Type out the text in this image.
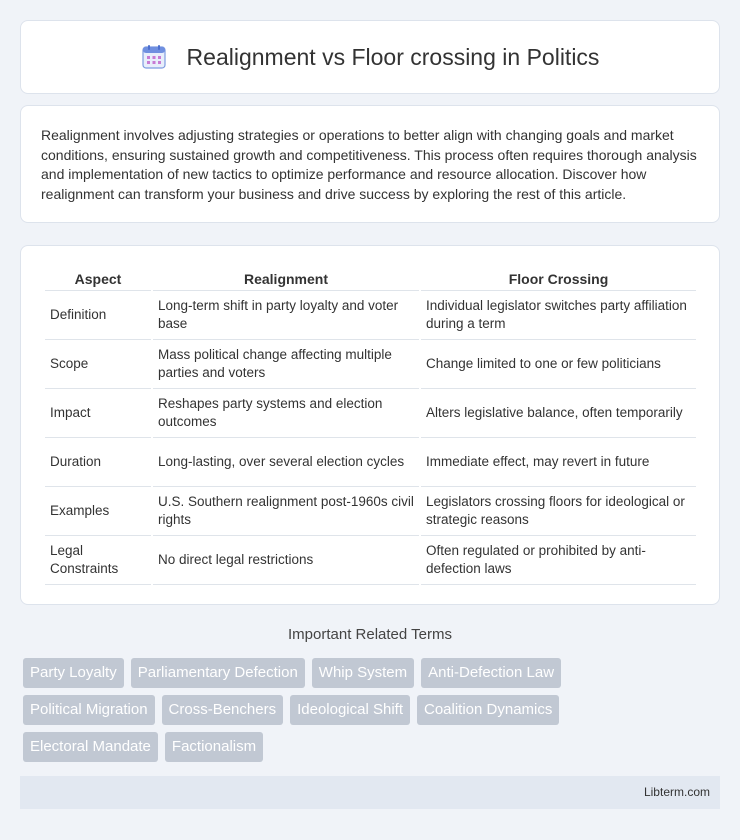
Realignment vs Floor crossing in Politics

Realignment involves adjusting strategies or operations to better align with changing goals and market conditions, ensuring sustained growth and competitiveness. This process often requires thorough analysis and implementation of new tactics to optimize performance and resource allocation. Discover how realignment can transform your business and drive success by exploring the rest of this article.

Aspect	Realignment	Floor Crossing
Definition	Long-term shift in party loyalty and voter base	Individual legislator switches party affiliation during a term
Scope	Mass political change affecting multiple parties and voters	Change limited to one or few politicians
Impact	Reshapes party systems and election outcomes	Alters legislative balance, often temporarily
Duration	Long-lasting, over several election cycles	Immediate effect, may revert in future
Examples	U.S. Southern realignment post-1960s civil rights	Legislators crossing floors for ideological or strategic reasons
Legal Constraints	No direct legal restrictions	Often regulated or prohibited by anti-defection laws
Important Related Terms
Party Loyalty	Parliamentary Defection	Whip System	Anti-Defection Law
Political Migration	Cross-Benchers	Ideological Shift	Coalition Dynamics
Electoral Mandate	Factionalism
Libterm.com
